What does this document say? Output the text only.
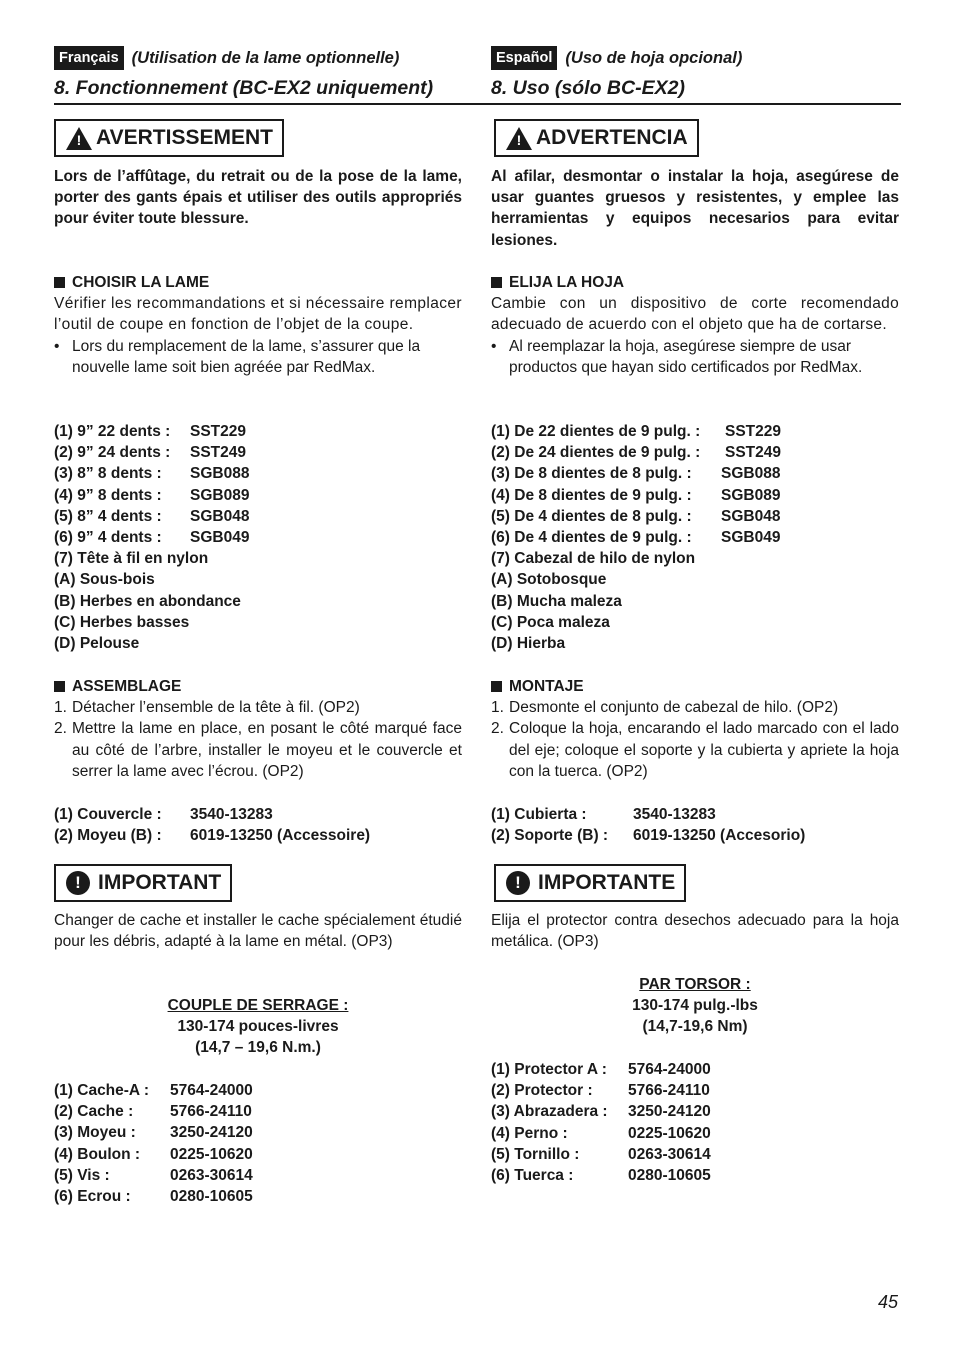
Français (Utilisation de la lame optionnelle)
8. Fonctionnement (BC-EX2 uniquement)
! AVERTISSEMENT

Lors de l’affûtage, du retrait ou de la pose de la lame, porter des gants épais et utiliser des outils appropriés pour éviter toute blessure.

CHOISIR LA LAME
Vérifier les recommandations et si nécessaire remplacer l’outil de coupe en fonction de l’objet de la coupe.
• Lors du remplacement de la lame, s’assurer que la nouvelle lame soit bien agréée par RedMax.
(1) 9” 22 dents :	SST229
(2) 9” 24 dents :	SST249
(3) 8” 8 dents :	SGB088
(4) 9” 8 dents :	SGB089
(5) 8” 4 dents :	SGB048
(6) 9” 4 dents :	SGB049
(7) Tête à fil en nylon
(A) Sous-bois
(B) Herbes en abondance
(C) Herbes basses
(D) Pelouse
ASSEMBLAGE
1. Détacher l’ensemble de la tête à fil. (OP2)
2. Mettre la lame en place, en posant le côté marqué face au côté de l’arbre, installer le moyeu et le couvercle et serrer la lame avec l’écrou. (OP2)
(1) Couvercle :	3540-13283
(2) Moyeu (B) :	6019-13250 (Accessoire)
! IMPORTANT

Changer de cache et installer le cache spécialement étudié pour les débris, adapté à la lame en métal. (OP3)

COUPLE DE SERRAGE :
130-174 pouces-livres
(14,7 – 19,6 N.m.)
(1) Cache-A :	5764-24000
(2) Cache :	5766-24110
(3) Moyeu :	3250-24120
(4) Boulon :	0225-10620
(5) Vis :	0263-30614
(6) Ecrou :	0280-10605
Español (Uso de hoja opcional)
8. Uso (sólo BC-EX2)
! ADVERTENCIA

Al afilar, desmontar o instalar la hoja, asegúrese de usar guantes gruesos y resistentes, y emplee las herramientas y equipos necesarios para evitar lesiones.

ELIJA LA HOJA
Cambie con un dispositivo de corte recomendado adecuado de acuerdo con el objeto que ha de cortarse.
• Al reemplazar la hoja, asegúrese siempre de usar productos que hayan sido certificados por RedMax.
(1) De 22 dientes de 9 pulg. :	SST229
(2) De 24 dientes de 9 pulg. :	SST249
(3) De 8 dientes de 8 pulg. :	SGB088
(4) De 8 dientes de 9 pulg. :	SGB089
(5) De 4 dientes de 8 pulg. :	SGB048
(6) De 4 dientes de 9 pulg. :	SGB049
(7) Cabezal de hilo de nylon
(A) Sotobosque
(B) Mucha maleza
(C) Poca maleza
(D) Hierba
MONTAJE
1. Desmonte el conjunto de cabezal de hilo. (OP2)
2. Coloque la hoja, encarando el lado marcado con el lado del eje; coloque el soporte y la cubierta y apriete la hoja con la tuerca. (OP2)
(1) Cubierta :	3540-13283
(2) Soporte (B) :	6019-13250 (Accesorio)
! IMPORTANTE

Elija el protector contra desechos adecuado para la hoja metálica. (OP3)

PAR TORSOR :
130-174 pulg.-lbs
(14,7-19,6 Nm)
(1) Protector A :	5764-24000
(2) Protector :	5766-24110
(3) Abrazadera :	3250-24120
(4) Perno :	0225-10620
(5) Tornillo :	0263-30614
(6) Tuerca :	0280-10605
45
